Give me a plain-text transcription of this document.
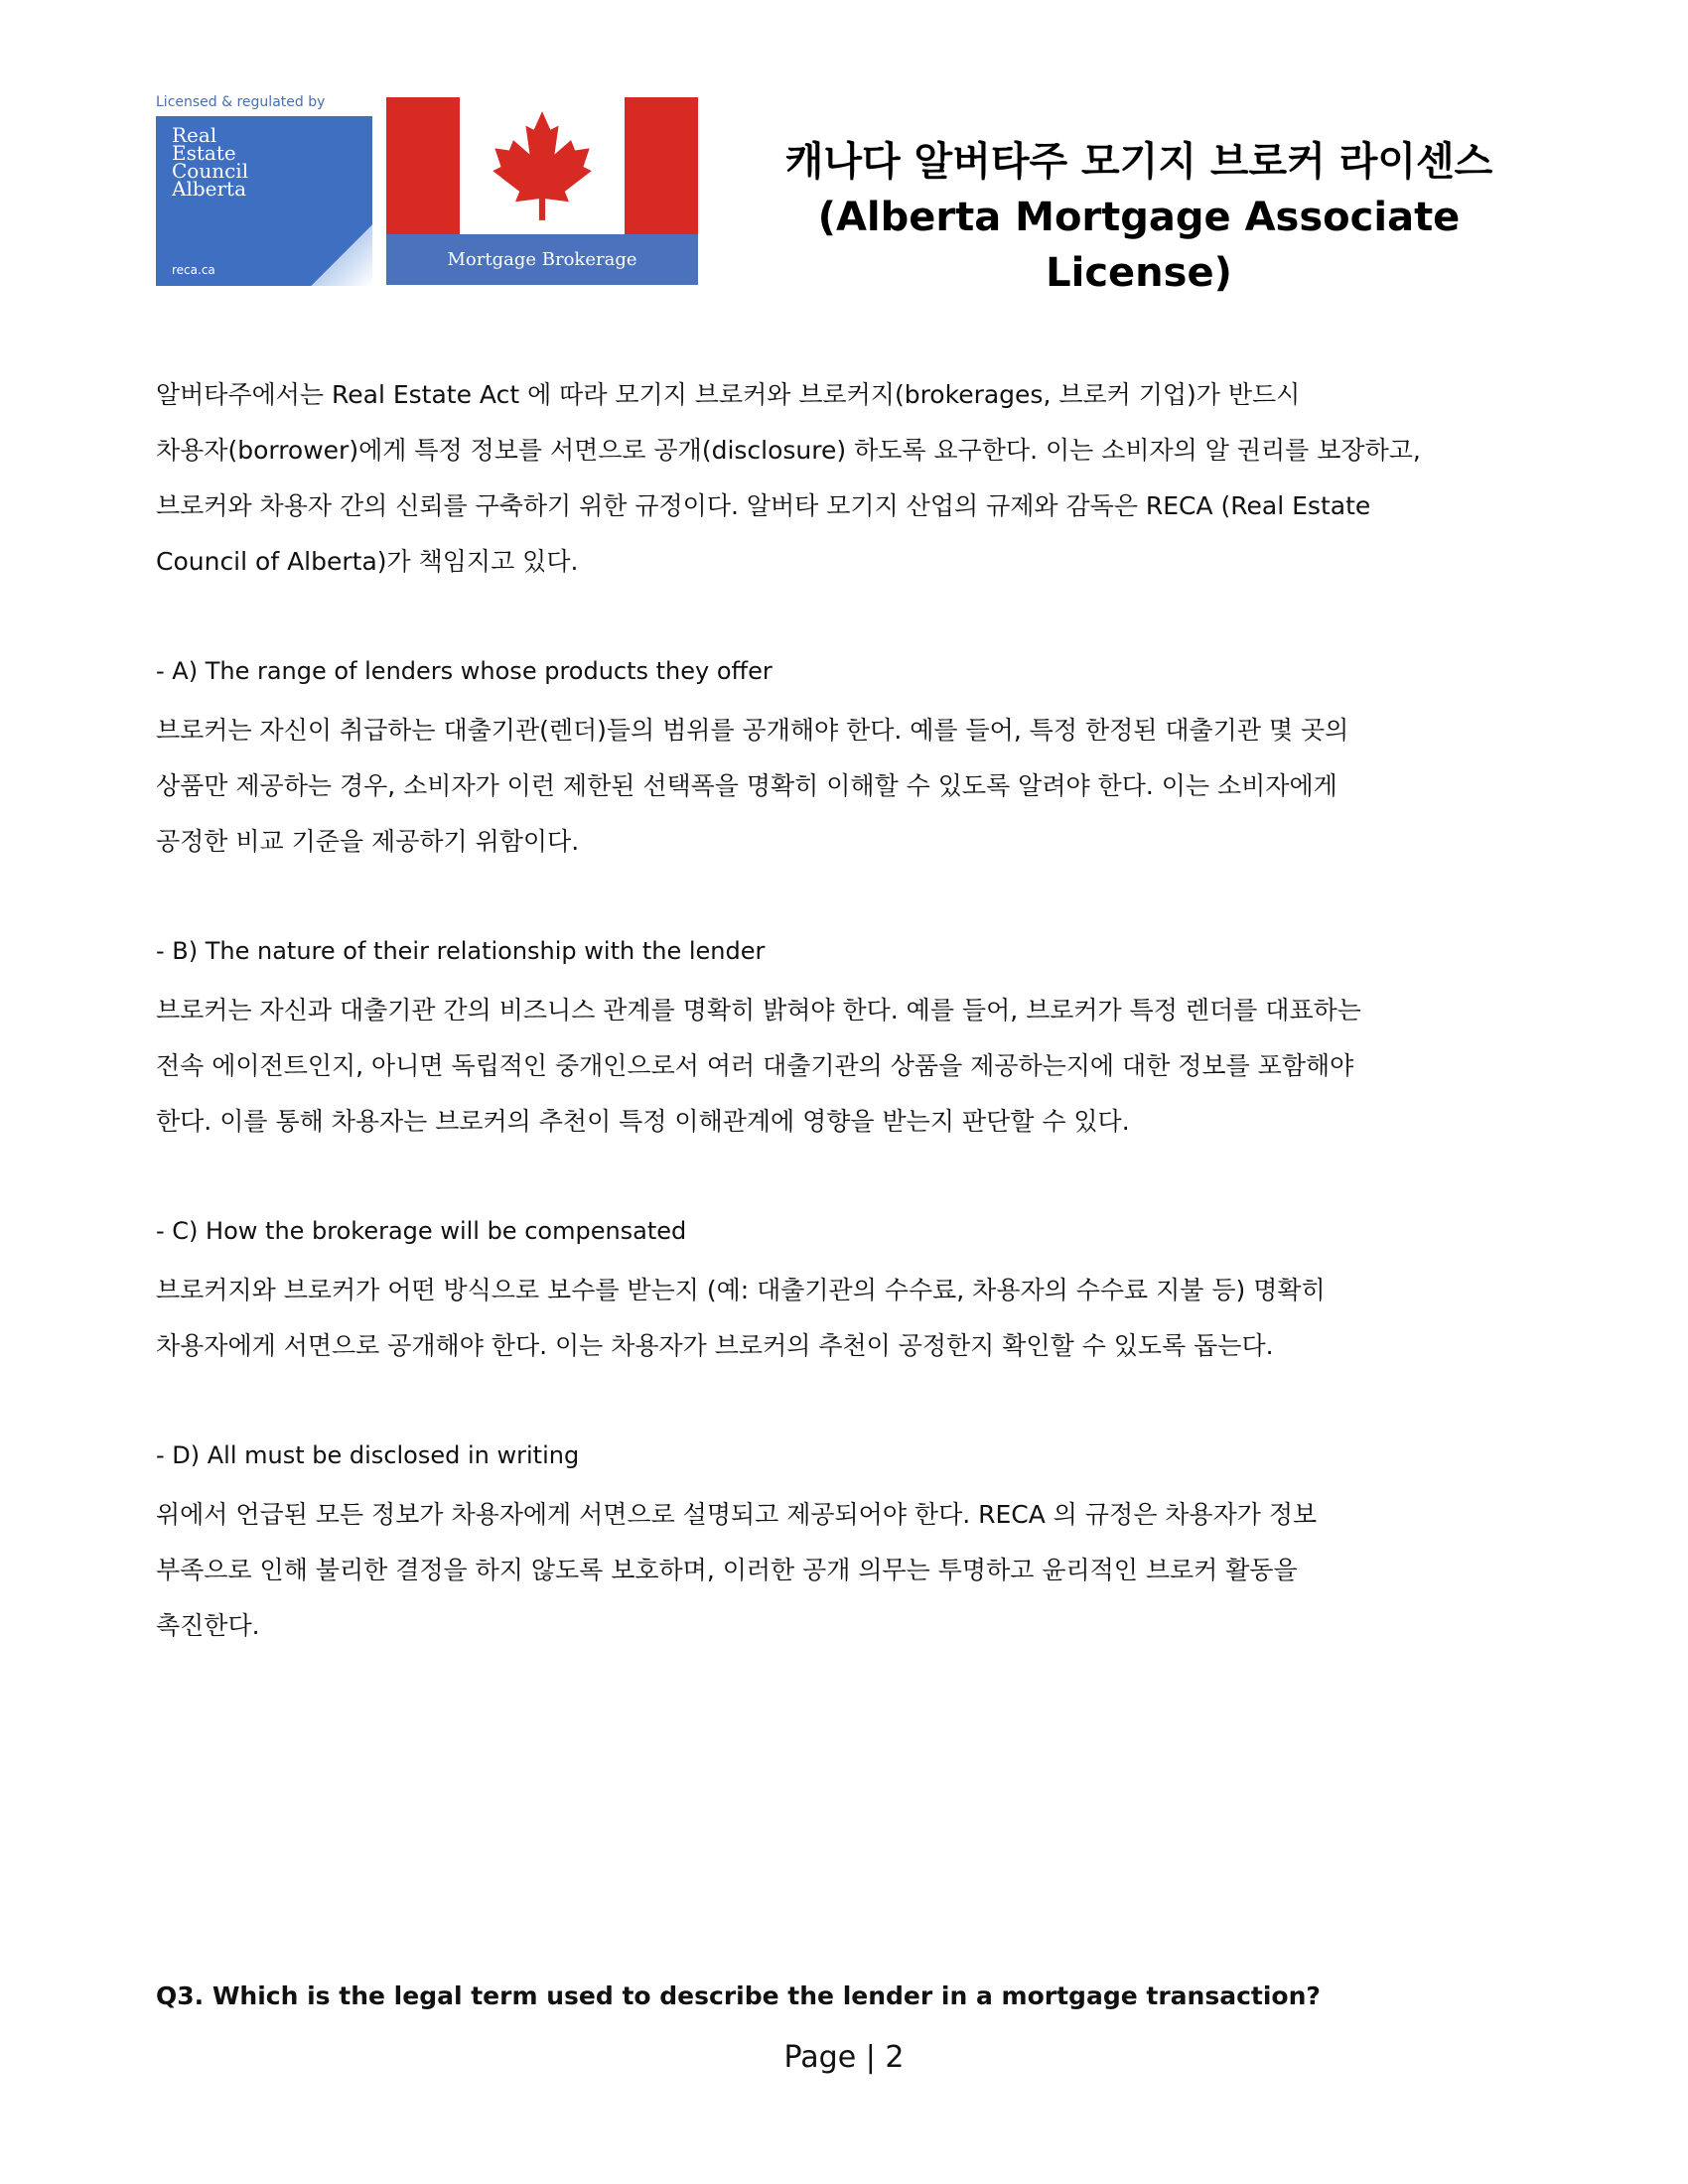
Licensed & regulated by
Real
Estate
Council
Alberta
reca.ca	Mortgage Brokerage
캐나다 알버타주 모기지 브로커 라이센스
(Alberta Mortgage Associate License)

알버타주에서는 Real Estate Act 에 따라 모기지 브로커와 브로커지(brokerages, 브로커 기업)가 반드시
차용자(borrower)에게 특정 정보를 서면으로 공개(disclosure) 하도록 요구한다. 이는 소비자의 알 권리를 보장하고,
브로커와 차용자 간의 신뢰를 구축하기 위한 규정이다. 알버타 모기지 산업의 규제와 감독은 RECA (Real Estate
Council of Alberta)가 책임지고 있다.

- A) The range of lenders whose products they offer

브로커는 자신이 취급하는 대출기관(렌더)들의 범위를 공개해야 한다. 예를 들어, 특정 한정된 대출기관 몇 곳의
상품만 제공하는 경우, 소비자가 이런 제한된 선택폭을 명확히 이해할 수 있도록 알려야 한다. 이는 소비자에게
공정한 비교 기준을 제공하기 위함이다.

- B) The nature of their relationship with the lender

브로커는 자신과 대출기관 간의 비즈니스 관계를 명확히 밝혀야 한다. 예를 들어, 브로커가 특정 렌더를 대표하는
전속 에이전트인지, 아니면 독립적인 중개인으로서 여러 대출기관의 상품을 제공하는지에 대한 정보를 포함해야
한다. 이를 통해 차용자는 브로커의 추천이 특정 이해관계에 영향을 받는지 판단할 수 있다.

- C) How the brokerage will be compensated

브로커지와 브로커가 어떤 방식으로 보수를 받는지 (예: 대출기관의 수수료, 차용자의 수수료 지불 등) 명확히
차용자에게 서면으로 공개해야 한다. 이는 차용자가 브로커의 추천이 공정한지 확인할 수 있도록 돕는다.

- D) All must be disclosed in writing

위에서 언급된 모든 정보가 차용자에게 서면으로 설명되고 제공되어야 한다. RECA 의 규정은 차용자가 정보
부족으로 인해 불리한 결정을 하지 않도록 보호하며, 이러한 공개 의무는 투명하고 윤리적인 브로커 활동을
촉진한다.

Q3. Which is the legal term used to describe the lender in a mortgage transaction?
Page | 2
